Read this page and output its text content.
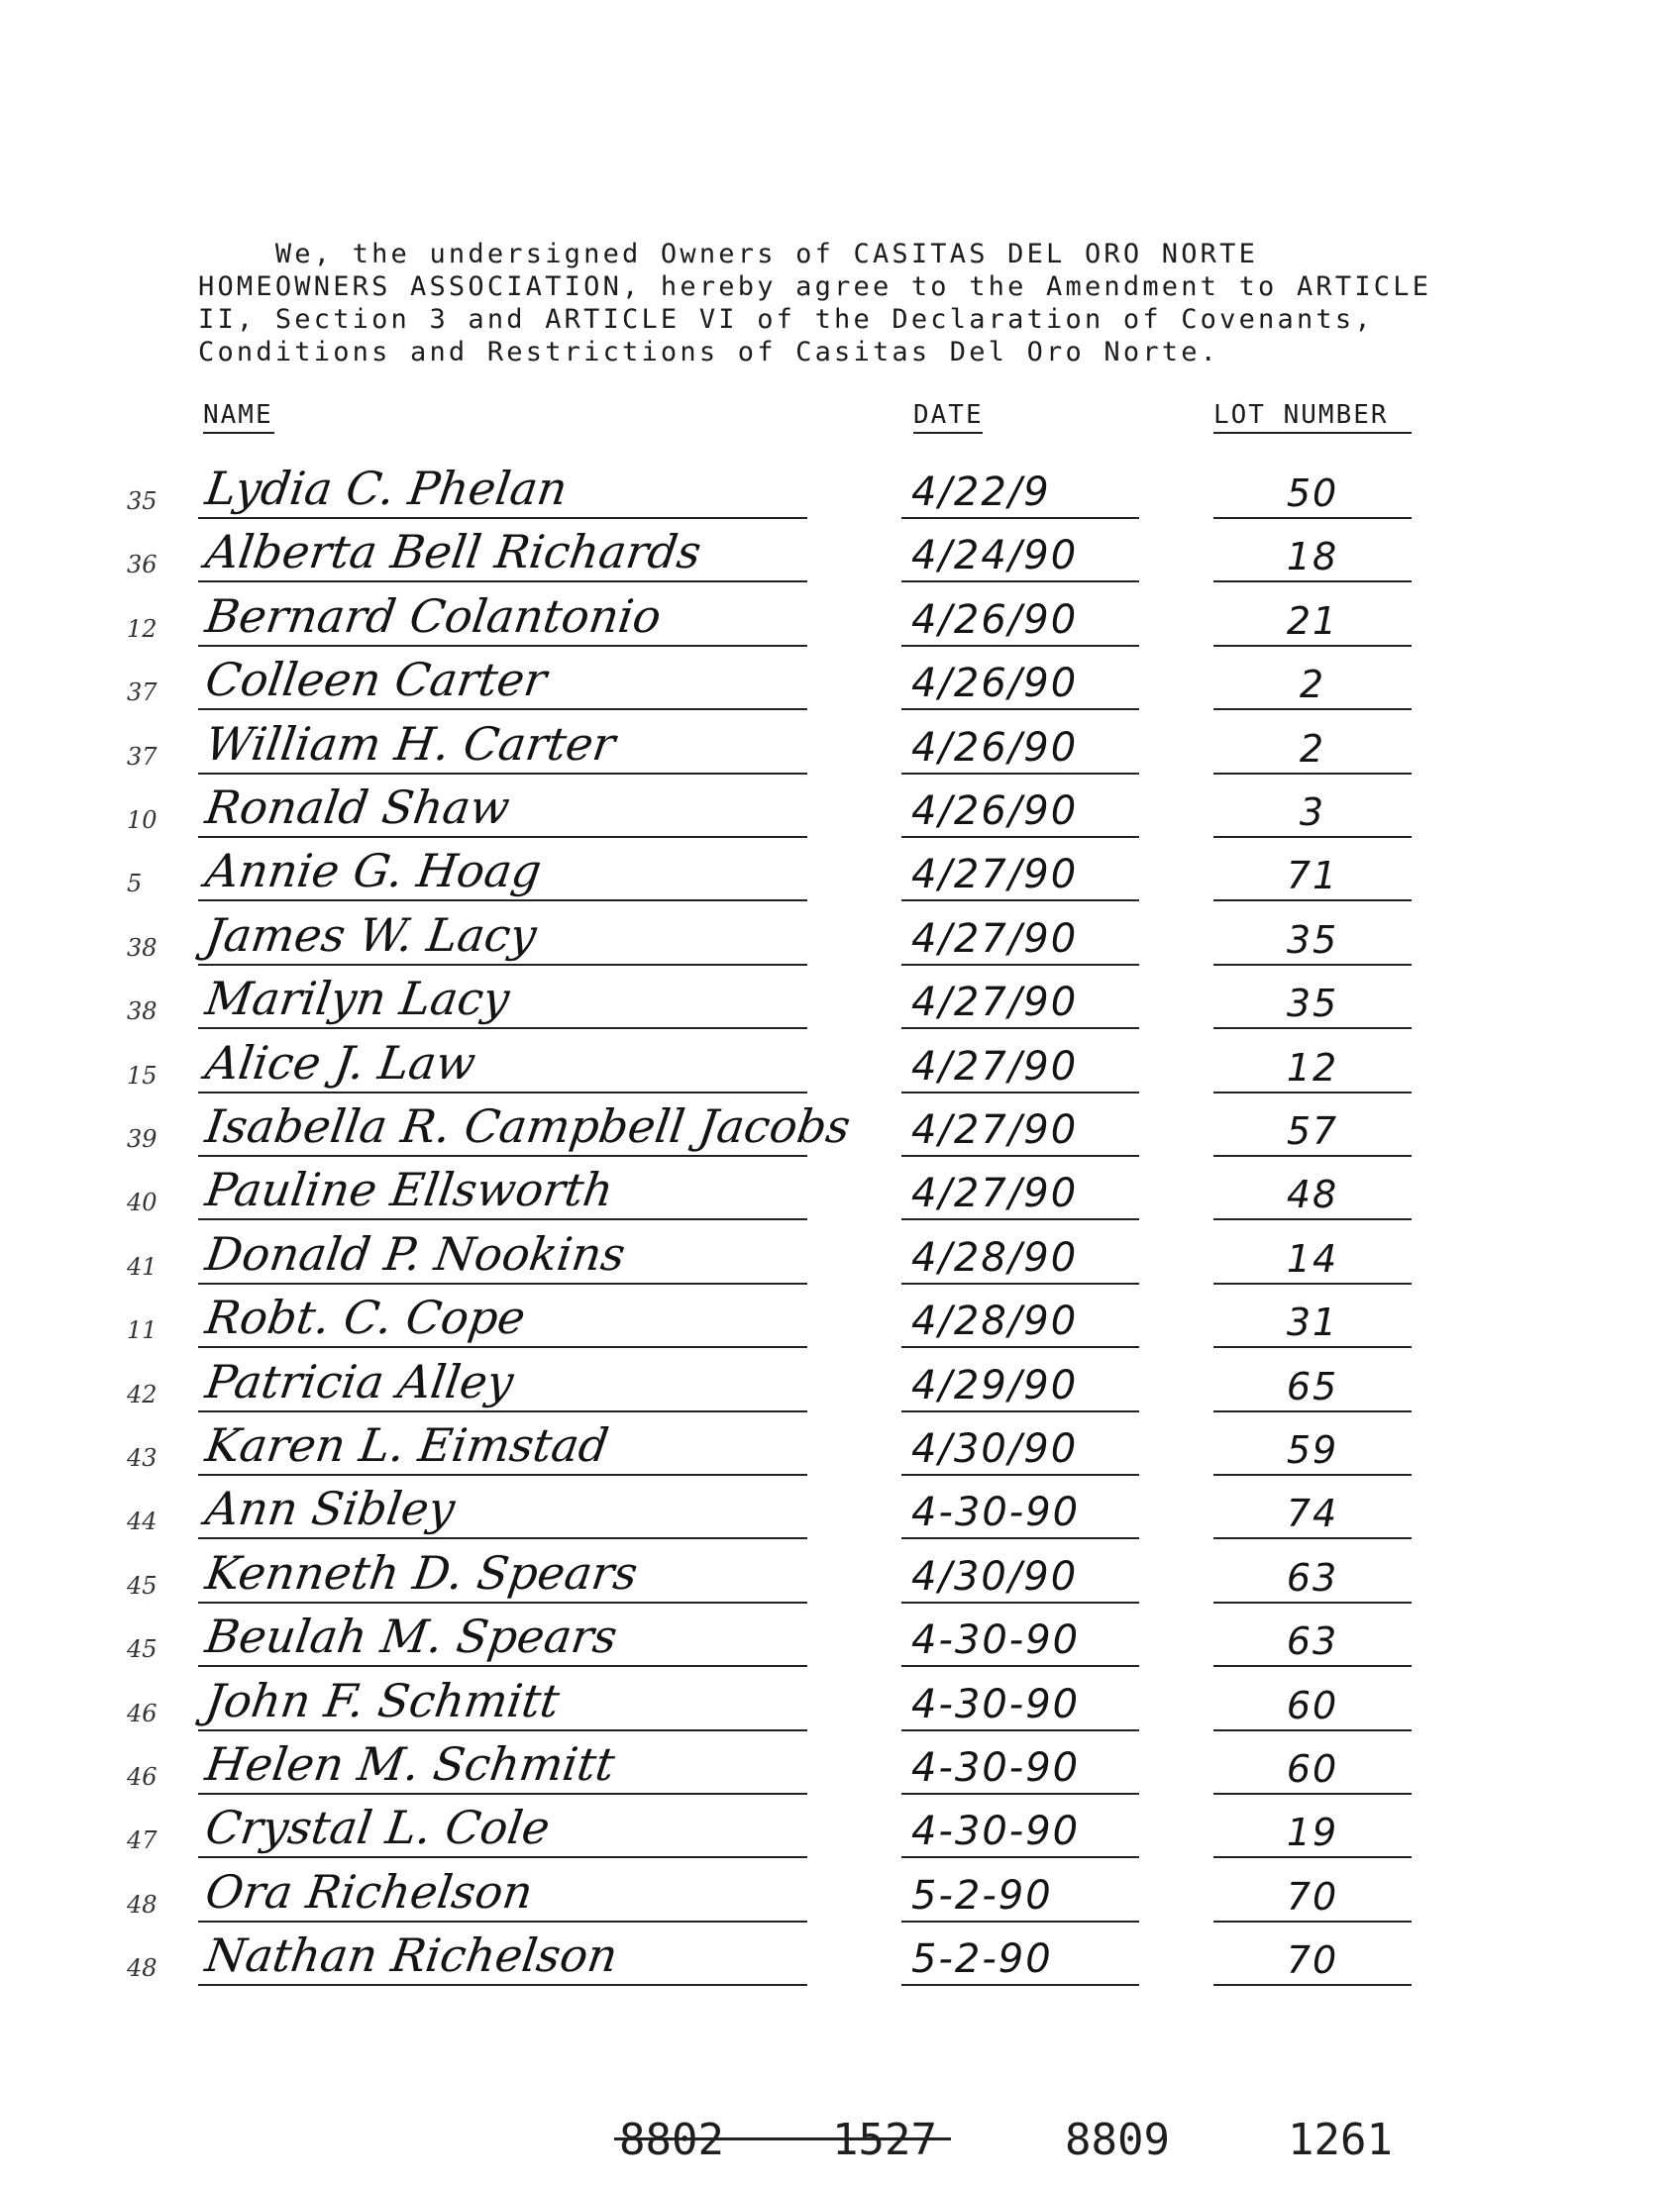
We, the undersigned Owners of CASITAS DEL ORO NORTE
HOMEOWNERS ASSOCIATION, hereby agree to the Amendment to ARTICLE
II, Section 3 and ARTICLE VI of the Declaration of Covenants,
Conditions and Restrictions of Casitas Del Oro Norte.
NAME	DATE	LOT NUMBER
35 Lydia C. Phelan	4/22/9	50
36 Alberta Bell Richards	4/24/90	18
12 Bernard Colantonio	4/26/90	21
37 Colleen Carter	4/26/90	2
37 William H. Carter	4/26/90	2
10 Ronald Shaw	4/26/90	3
5	Annie G. Hoag	4/27/90	71
38 James W. Lacy	4/27/90	35
38 Marilyn Lacy	4/27/90	35
15 Alice J. Law	4/27/90	12
39 Isabella R. Campbell Jacobs 4/27/90	57
40 Pauline Ellsworth	4/27/90	48
41 Donald P. Nookins	4/28/90	14
11 Robt. C. Cope	4/28/90	31
42 Patricia Alley	4/29/90	65
43 Karen L. Eimstad	4/30/90	59
44 Ann Sibley	4-30-90	74
45 Kenneth D. Spears	4/30/90	63
45 Beulah M. Spears	4-30-90	63
46 John F. Schmitt	4-30-90	60
46 Helen M. Schmitt	4-30-90	60
47 Crystal L. Cole	4-30-90	19
48 Ora Richelson	5-2-90	70
48 Nathan Richelson	5-2-90	70
8802 1527	8809	1261
